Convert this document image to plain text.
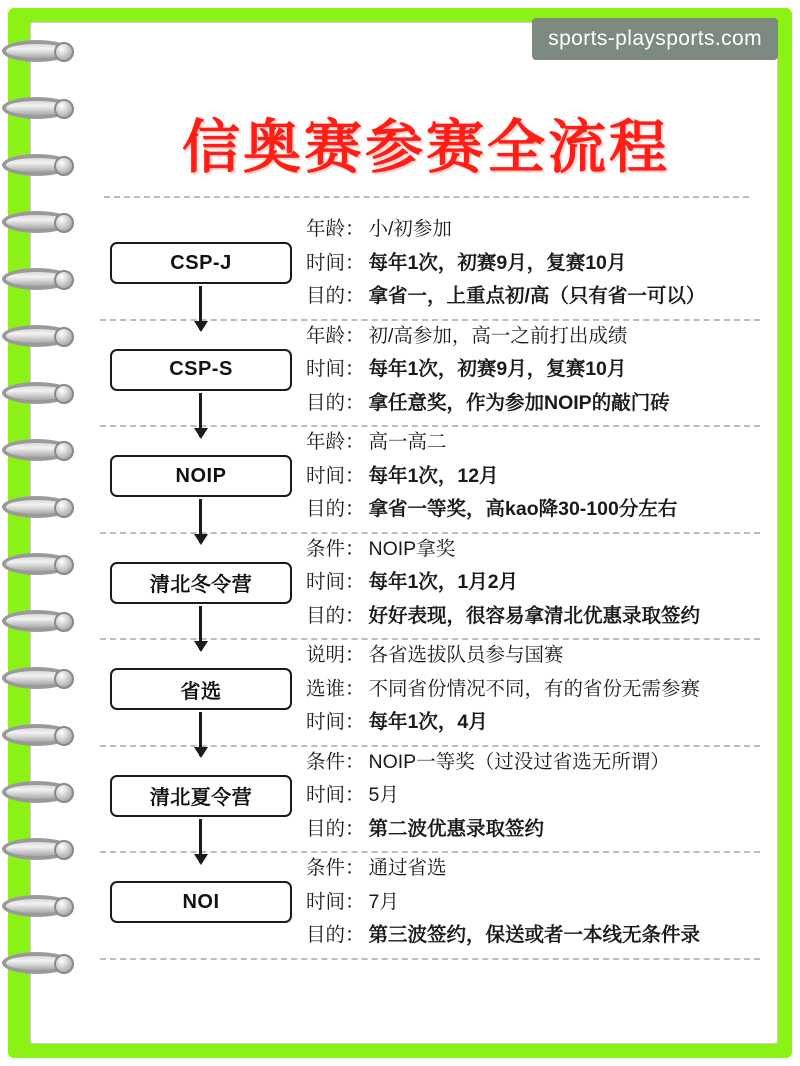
sports-playsports.com
信奥赛参赛全流程
CSP-J
年龄： 小/初参加
时间： 每年1次，初赛9月，复赛10月
目的： 拿省一，上重点初/高（只有省一可以）
CSP-S
年龄： 初/高参加，高一之前打出成绩
时间： 每年1次，初赛9月，复赛10月
目的： 拿任意奖，作为参加NOIP的敲门砖
NOIP
年龄： 高一高二
时间： 每年1次，12月
目的： 拿省一等奖，高kao降30-100分左右
清北冬令营
条件： NOIP拿奖
时间： 每年1次，1月2月
目的： 好好表现，很容易拿清北优惠录取签约
省选
说明： 各省选拔队员参与国赛
选谁： 不同省份情况不同，有的省份无需参赛
时间： 每年1次，4月
清北夏令营
条件： NOIP一等奖（过没过省选无所谓）
时间： 5月
目的： 第二波优惠录取签约
NOI
条件： 通过省选
时间： 7月
目的： 第三波签约，保送或者一本线无条件录
